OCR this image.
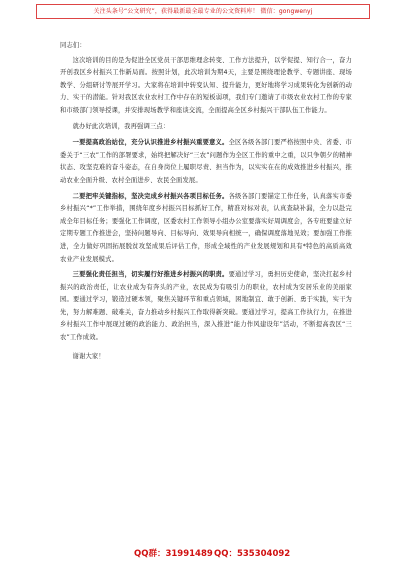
关注头条号“公文研究”，获得最新最全最专业的公文资料库！ 微信：gongwenyj

同志们：

这次培训的目的是为促进全区党员干部思维理念转变、工作方法提升，以学促提、知行合一，奋力开创我区乡村振兴工作新局面。按照计划，此次培训为期4天，主要是围绕理论教学、专题讲座、现场教学、分组研讨等展开学习。大家将在培训中转变认知、提升能力，更好地将学习成果转化为创新的动力、实干的潜能。针对我区农业农村工作中存在的短板弱项，我们专门邀请了市级农业农村工作的专家和市级部门领导授课，并安排现场教学和座谈交流，全面提高全区乡村振兴干部队伍工作能力。

就办好此次培训，我再强调三点：

一要提高政治站位，充分认识推进乡村振兴重要意义。全区各级各部门要严格按照中央、省委、市委关于“三农”工作的部署要求，始终把解决好“三农”问题作为全区工作的重中之重，以只争朝夕的精神状态、攻坚克难的奋斗姿态，在自身岗位上履职尽责、担当作为，以实实在在的成效推进乡村振兴，推动农业全面升级、农村全面进步、农民全面发展。

二要把牢关键指标，坚决完成乡村振兴各项目标任务。各级各部门要锚定工作任务，认真落实市委乡村振兴“*”工作举措，围绕年度乡村振兴目标抓好工作，精准对标对表，认真查缺补漏，全力以赴完成全年目标任务；要强化工作调度，区委农村工作领导小组办公室要落实好周调度会，各专班要建立好定期专题工作推进会，坚持问题导向、目标导向、效果导向相统一，确保调度落地见效；要加强工作推进，全力做好巩固拓展脱贫攻坚成果后评估工作，形成全域性的产业发展规划和具有*特色的高质高效农业产业发展模式。

三要强化责任担当，切实履行好推进乡村振兴的职责。要通过学习，勇担历史使命，坚决扛起乡村振兴的政治责任，让农业成为有奔头的产业，农民成为有吸引力的职业，农村成为安居乐业的美丽家园。要通过学习，锻造过硬本领，聚焦关键环节和重点领域，困地制宜、敢于创新、勇于实践，实干为先，努力解难题、破难关，奋力推动乡村振兴工作取得新突破。要通过学习，提高工作执行力，在推进乡村振兴工作中展现过硬的政治能力、政治担当，深入推进“能力作风建设年”活动，不断提高我区“三农”工作成效。

谢谢大家！

QQ群：31991489 QQ：535304092
